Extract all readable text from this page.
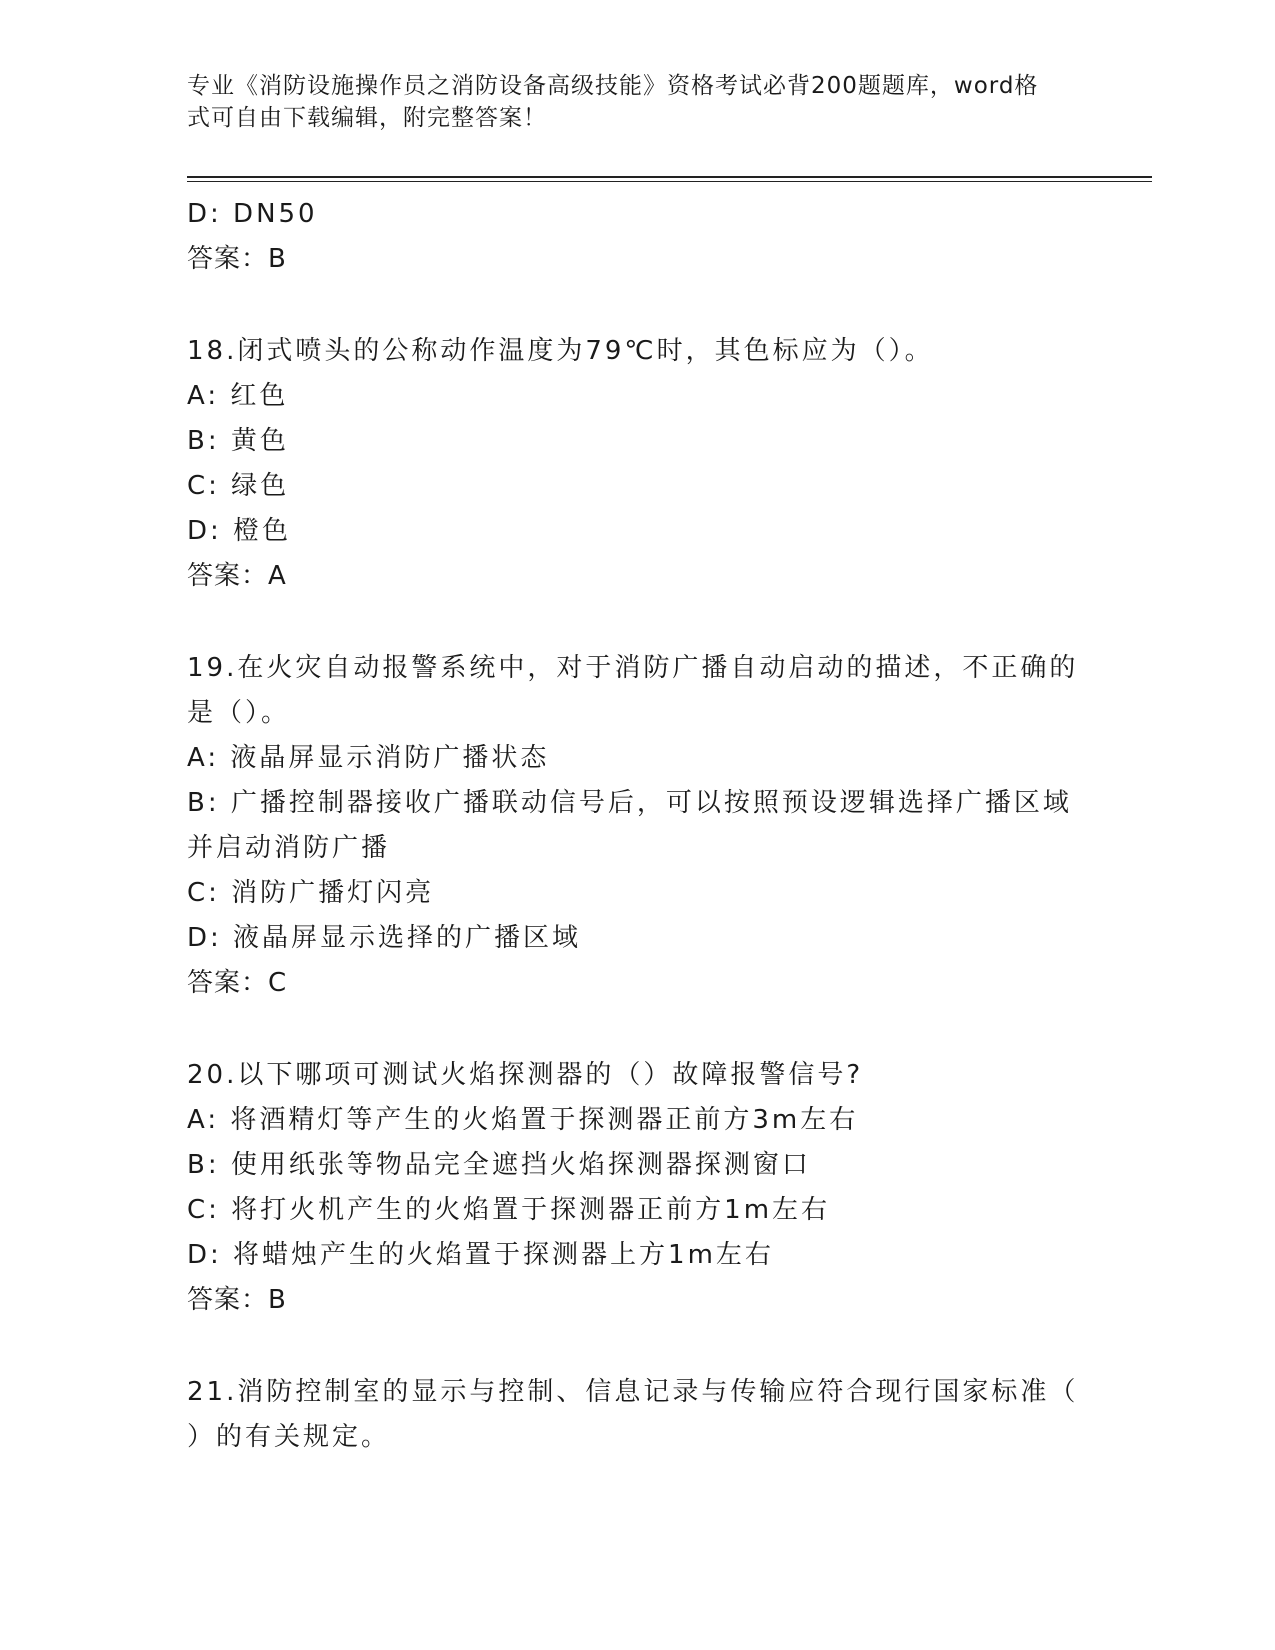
专业《消防设施操作员之消防设备高级技能》资格考试必背200题题库，word格
式可自由下载编辑，附完整答案！
D: DN50
答案：B
18.闭式喷头的公称动作温度为79℃时，其色标应为（）。
A: 红色
B: 黄色
C: 绿色
D: 橙色
答案：A
19.在火灾自动报警系统中，对于消防广播自动启动的描述，不正确的
是（）。
A: 液晶屏显示消防广播状态
B: 广播控制器接收广播联动信号后，可以按照预设逻辑选择广播区域
并启动消防广播
C: 消防广播灯闪亮
D: 液晶屏显示选择的广播区域
答案：C
20.以下哪项可测试火焰探测器的（）故障报警信号?
A: 将酒精灯等产生的火焰置于探测器正前方3m左右
B: 使用纸张等物品完全遮挡火焰探测器探测窗口
C: 将打火机产生的火焰置于探测器正前方1m左右
D: 将蜡烛产生的火焰置于探测器上方1m左右
答案：B
21.消防控制室的显示与控制、信息记录与传输应符合现行国家标准（
）的有关规定。
